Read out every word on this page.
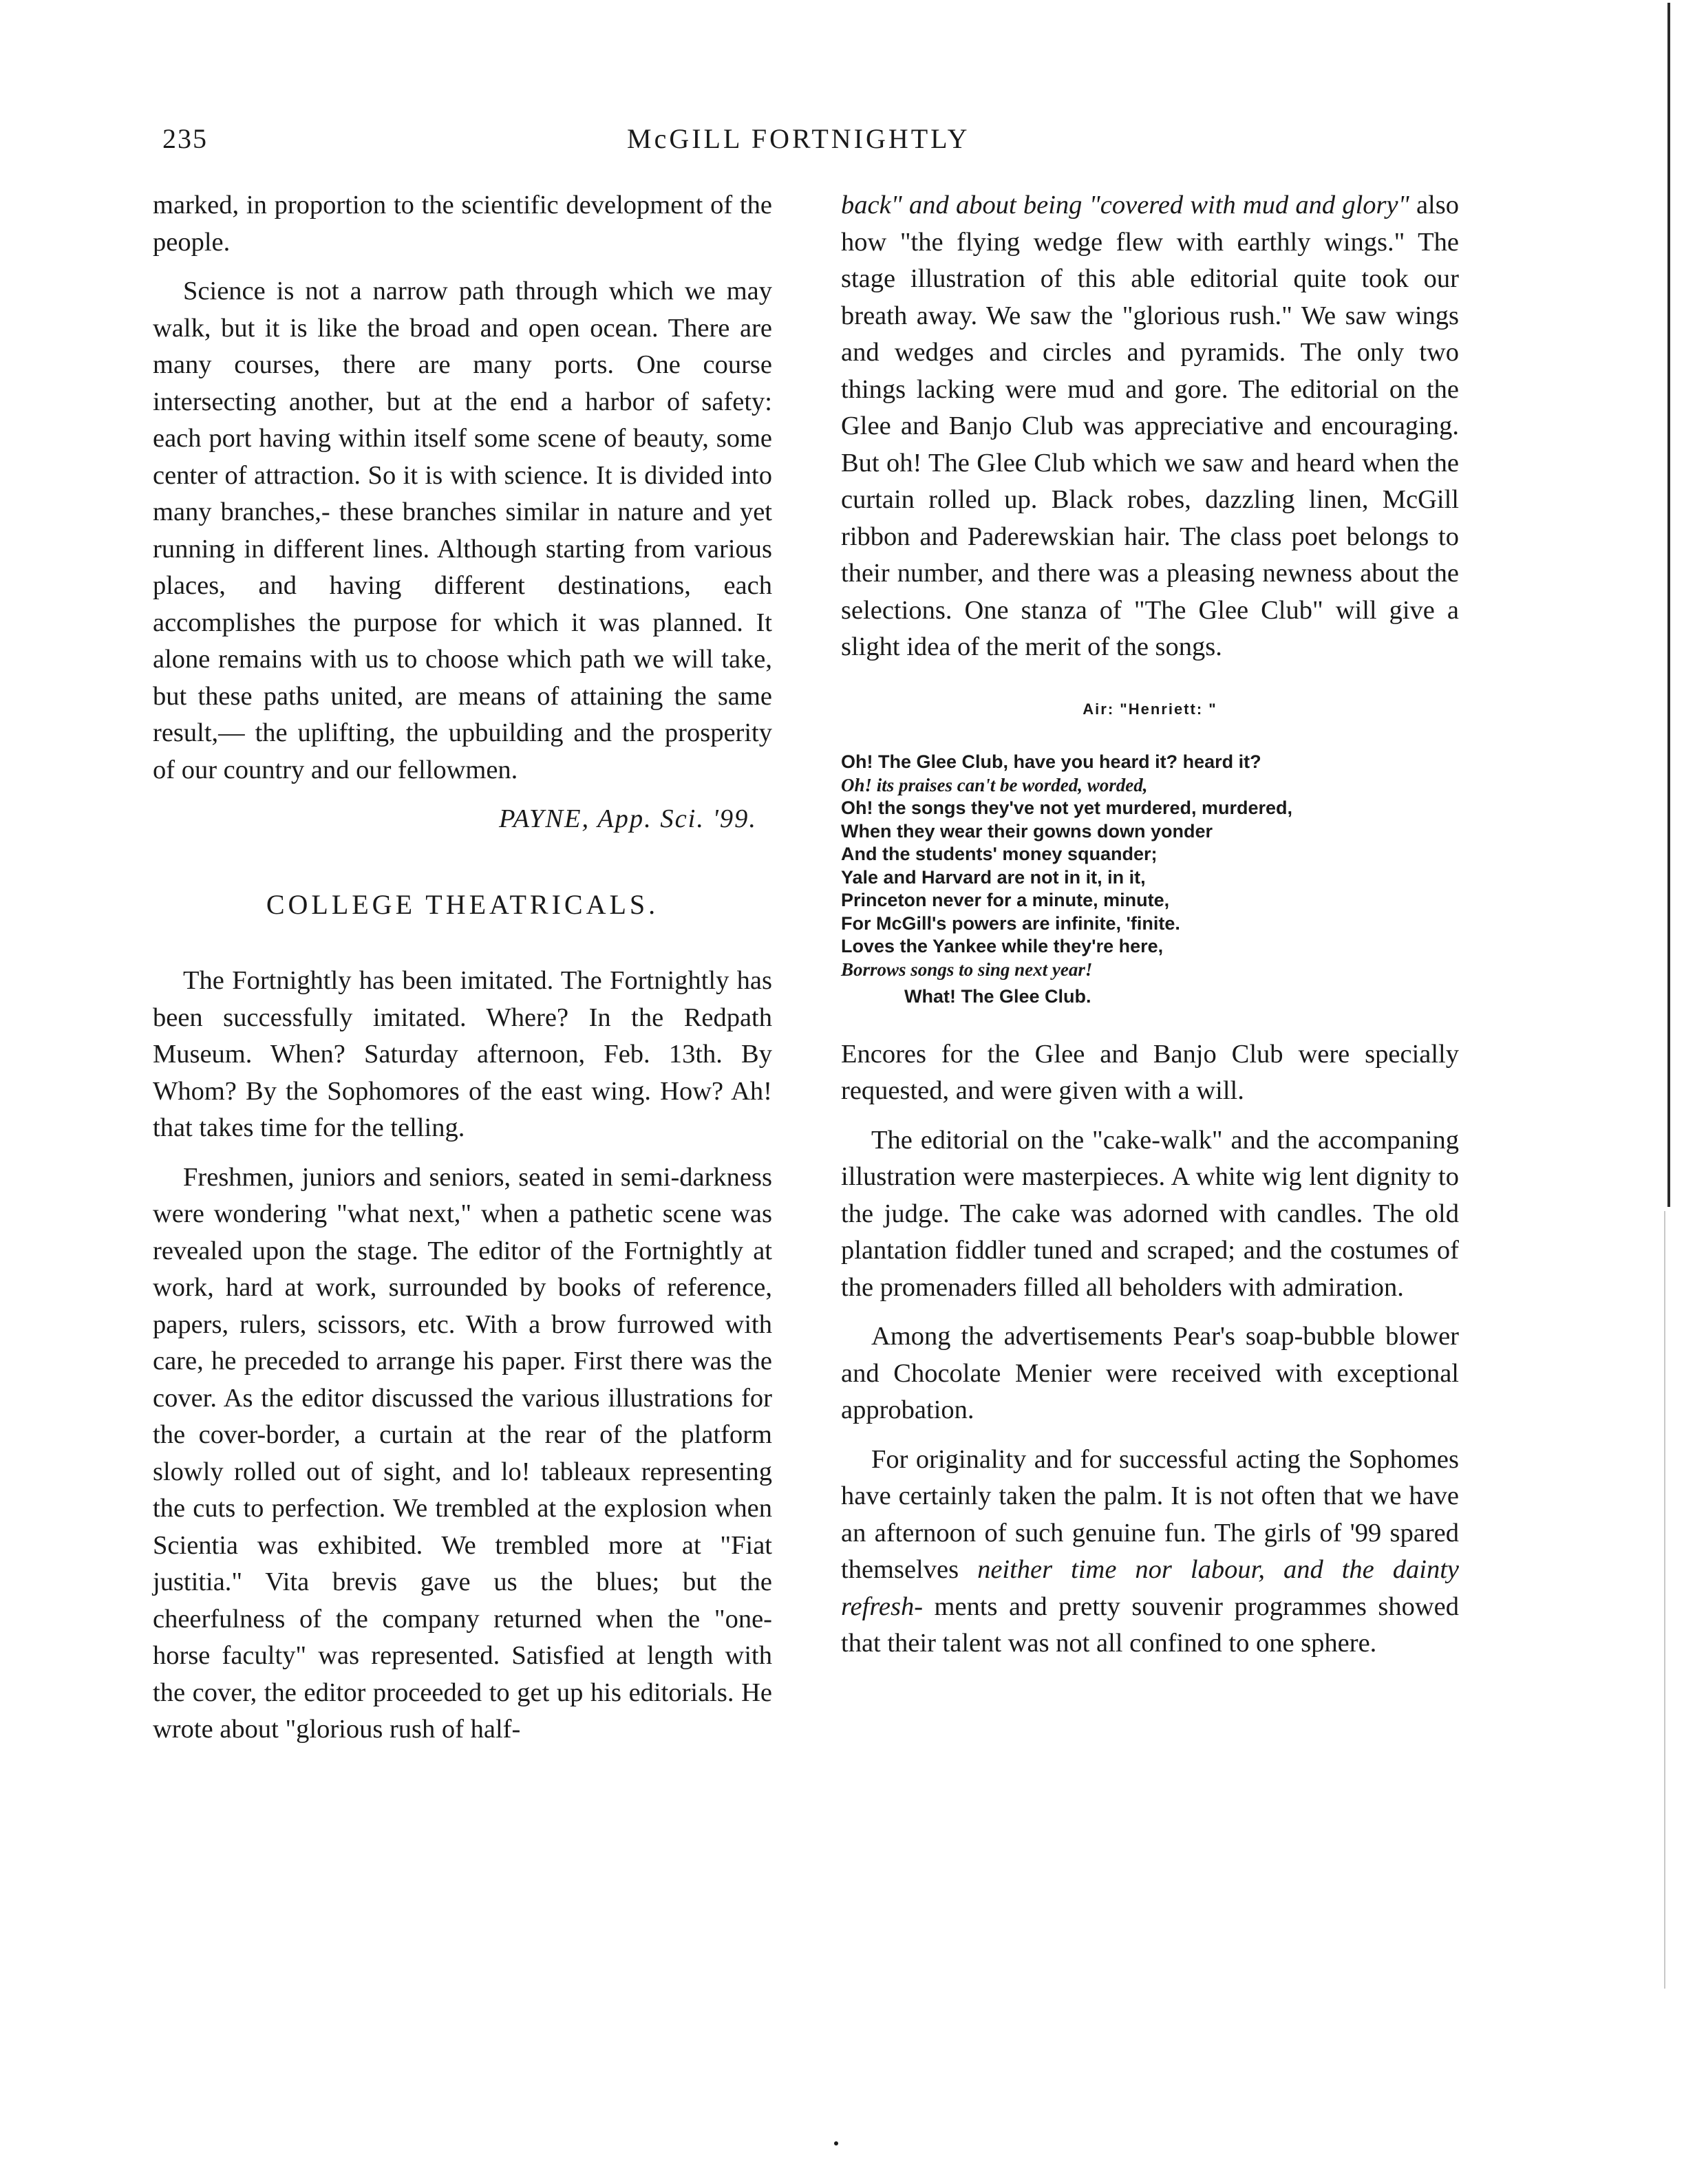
235	McGILL FORTNIGHTLY

marked, in proportion to the scientific development of the people.

Science is not a narrow path through which we may walk, but it is like the broad and open ocean. There are many courses, there are many ports. One course intersecting another, but at the end a harbor of safety: each port having within itself some scene of beauty, some center of attraction. So it is with science. It is divided into many branches,- these branches similar in nature and yet running in different lines. Although starting from various places, and having different destinations, each accomplishes the purpose for which it was planned. It alone remains with us to choose which path we will take, but these paths united, are means of attaining the same result,— the uplifting, the upbuilding and the prosperity of our country and our fellowmen.

PAYNE, App. Sci. '99.
COLLEGE THEATRICALS.

The Fortnightly has been imitated. The Fortnightly has been successfully imitated. Where? In the Redpath Museum. When? Saturday afternoon, Feb. 13th. By Whom? By the Sophomores of the east wing. How? Ah! that takes time for the telling.

Freshmen, juniors and seniors, seated in semi-darkness were wondering "what next," when a pathetic scene was revealed upon the stage. The editor of the Fortnightly at work, hard at work, surrounded by books of reference, papers, rulers, scissors, etc. With a brow furrowed with care, he preceded to arrange his paper. First there was the cover. As the editor discussed the various illustrations for the cover-border, a curtain at the rear of the platform slowly rolled out of sight, and lo! tableaux representing the cuts to perfection. We trembled at the explosion when Scientia was exhibited. We trembled more at "Fiat justitia." Vita brevis gave us the blues; but the cheerfulness of the company returned when the "one-horse faculty" was represented. Satisfied at length with the cover, the editor proceeded to get up his editorials. He wrote about "glorious rush of half-

back" and about being "covered with mud and glory" also how "the flying wedge flew with earthly wings." The stage illustration of this able editorial quite took our breath away. We saw the "glorious rush." We saw wings and wedges and circles and pyramids. The only two things lacking were mud and gore. The editorial on the Glee and Banjo Club was appreciative and encouraging. But oh! The Glee Club which we saw and heard when the curtain rolled up. Black robes, dazzling linen, McGill ribbon and Paderewskian hair. The class poet belongs to their number, and there was a pleasing newness about the selections. One stanza of "The Glee Club" will give a slight idea of the merit of the songs.

Air: "Henriett: "
Oh! The Glee Club, have you heard it? heard it?
Oh! its praises can't be worded, worded,
Oh! the songs they've not yet murdered, murdered,
When they wear their gowns down yonder
And the students' money squander;
Yale and Harvard are not in it, in it,
Princeton never for a minute, minute,
For McGill's powers are infinite, 'finite.
Loves the Yankee while they're here,
Borrows songs to sing next year!
What! The Glee Club.

Encores for the Glee and Banjo Club were specially requested, and were given with a will.

The editorial on the "cake-walk" and the accompaning illustration were masterpieces. A white wig lent dignity to the judge. The cake was adorned with candles. The old plantation fiddler tuned and scraped; and the costumes of the promenaders filled all beholders with admiration.

Among the advertisements Pear's soap-bubble blower and Chocolate Menier were received with exceptional approbation.

For originality and for successful acting the Sophomes have certainly taken the palm. It is not often that we have an afternoon of such genuine fun. The girls of '99 spared themselves neither time nor labour, and the dainty refresh- ments and pretty souvenir programmes showed that their talent was not all confined to one sphere.
